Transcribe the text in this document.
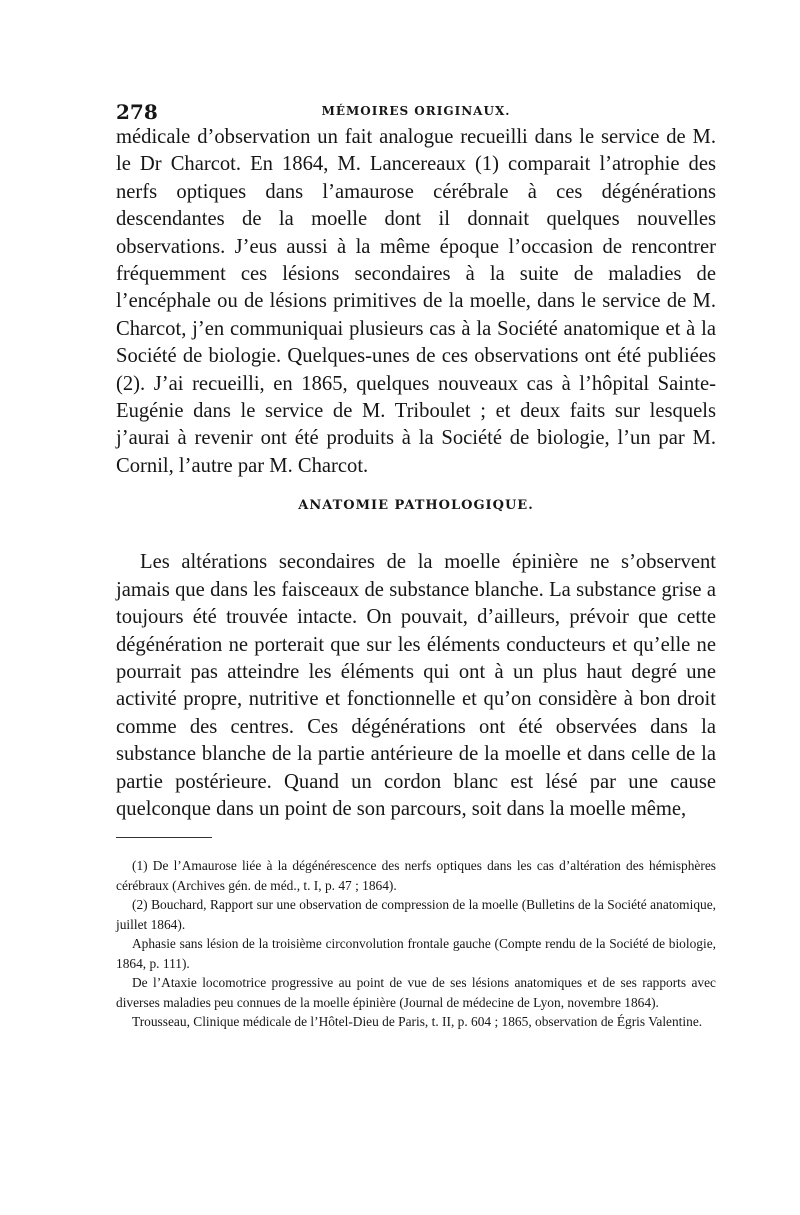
278	MÉMOIRES ORIGINAUX.

médicale d’observation un fait analogue recueilli dans le service de M. le Dr Charcot. En 1864, M. Lancereaux (1) comparait l’atrophie des nerfs optiques dans l’amaurose cérébrale à ces dégénérations descendantes de la moelle dont il donnait quelques nouvelles observations. J’eus aussi à la même époque l’occasion de rencontrer fréquemment ces lésions secondaires à la suite de maladies de l’encéphale ou de lésions primitives de la moelle, dans le service de M. Charcot, j’en communiquai plusieurs cas à la Société anatomique et à la Société de biologie. Quelques-unes de ces observations ont été publiées (2). J’ai recueilli, en 1865, quelques nouveaux cas à l’hôpital Sainte-Eugénie dans le service de M. Triboulet ; et deux faits sur lesquels j’aurai à revenir ont été produits à la Société de biologie, l’un par M. Cornil, l’autre par M. Charcot.

ANATOMIE PATHOLOGIQUE.

Les altérations secondaires de la moelle épinière ne s’observent jamais que dans les faisceaux de substance blanche. La substance grise a toujours été trouvée intacte. On pouvait, d’ailleurs, prévoir que cette dégénération ne porterait que sur les éléments conducteurs et qu’elle ne pourrait pas atteindre les éléments qui ont à un plus haut degré une activité propre, nutritive et fonctionnelle et qu’on considère à bon droit comme des centres. Ces dégénérations ont été observées dans la substance blanche de la partie antérieure de la moelle et dans celle de la partie postérieure. Quand un cordon blanc est lésé par une cause quelconque dans un point de son parcours, soit dans la moelle même,

(1) De l’Amaurose liée à la dégénérescence des nerfs optiques dans les cas d’altération des hémisphères cérébraux (Archives gén. de méd., t. I, p. 47 ; 1864).

(2) Bouchard, Rapport sur une observation de compression de la moelle (Bulletins de la Société anatomique, juillet 1864).

Aphasie sans lésion de la troisième circonvolution frontale gauche (Compte rendu de la Société de biologie, 1864, p. 111).

De l’Ataxie locomotrice progressive au point de vue de ses lésions anatomiques et de ses rapports avec diverses maladies peu connues de la moelle épinière (Journal de médecine de Lyon, novembre 1864).

Trousseau, Clinique médicale de l’Hôtel-Dieu de Paris, t. II, p. 604 ; 1865, observation de Égris Valentine.
